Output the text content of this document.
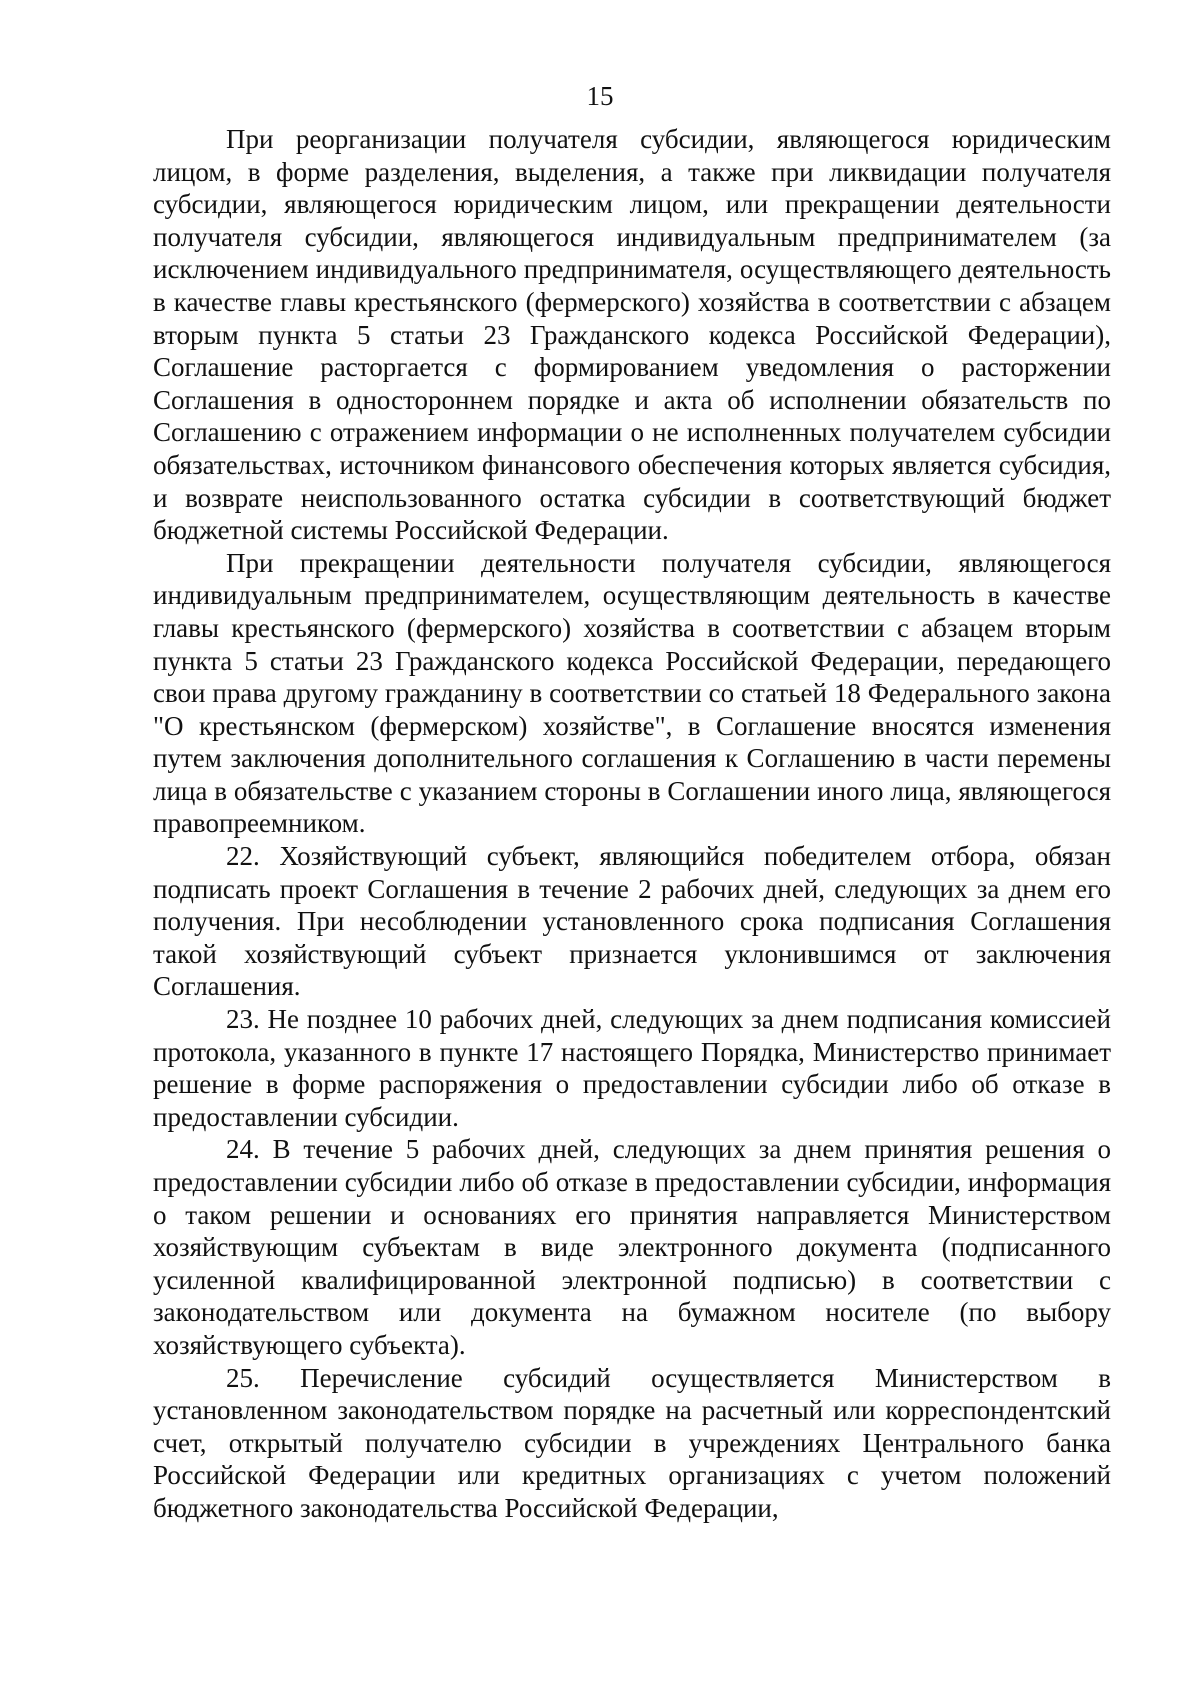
15

При реорганизации получателя субсидии, являющегося юридическим лицом, в форме разделения, выделения, а также при ликвидации получателя субсидии, являющегося юридическим лицом, или прекращении деятельности получателя субсидии, являющегося индивидуальным предпринимателем (за исключением индивидуального предпринимателя, осуществляющего деятельность в качестве главы крестьянского (фермерского) хозяйства в соответствии с абзацем вторым пункта 5 статьи 23 Гражданского кодекса Российской Федерации), Соглашение расторгается с формированием уведомления о расторжении Соглашения в одностороннем порядке и акта об исполнении обязательств по Соглашению с отражением информации о не исполненных получателем субсидии обязательствах, источником финансового обеспечения которых является субсидия, и возврате неиспользованного остатка субсидии в соответствующий бюджет бюджетной системы Российской Федерации.

При прекращении деятельности получателя субсидии, являющегося индивидуальным предпринимателем, осуществляющим деятельность в качестве главы крестьянского (фермерского) хозяйства в соответствии с абзацем вторым пункта 5 статьи 23 Гражданского кодекса Российской Федерации, передающего свои права другому гражданину в соответствии со статьей 18 Федерального закона "О крестьянском (фермерском) хозяйстве", в Соглашение вносятся изменения путем заключения дополнительного соглашения к Соглашению в части перемены лица в обязательстве с указанием стороны в Соглашении иного лица, являющегося правопреемником.

22. Хозяйствующий субъект, являющийся победителем отбора, обязан подписать проект Соглашения в течение 2 рабочих дней, следующих за днем его получения. При несоблюдении установленного срока подписания Соглашения такой хозяйствующий субъект признается уклонившимся от заключения Соглашения.

23. Не позднее 10 рабочих дней, следующих за днем подписания комиссией протокола, указанного в пункте 17 настоящего Порядка, Министерство принимает решение в форме распоряжения о предоставлении субсидии либо об отказе в предоставлении субсидии.

24. В течение 5 рабочих дней, следующих за днем принятия решения о предоставлении субсидии либо об отказе в предоставлении субсидии, информация о таком решении и основаниях его принятия направляется Министерством хозяйствующим субъектам в виде электронного документа (подписанного усиленной квалифицированной электронной подписью) в соответствии с законодательством или документа на бумажном носителе (по выбору хозяйствующего субъекта).

25. Перечисление субсидий осуществляется Министерством в установленном законодательством порядке на расчетный или корреспондентский счет, открытый получателю субсидии в учреждениях Центрального банка Российской Федерации или кредитных организациях с учетом положений бюджетного законодательства Российской Федерации,
